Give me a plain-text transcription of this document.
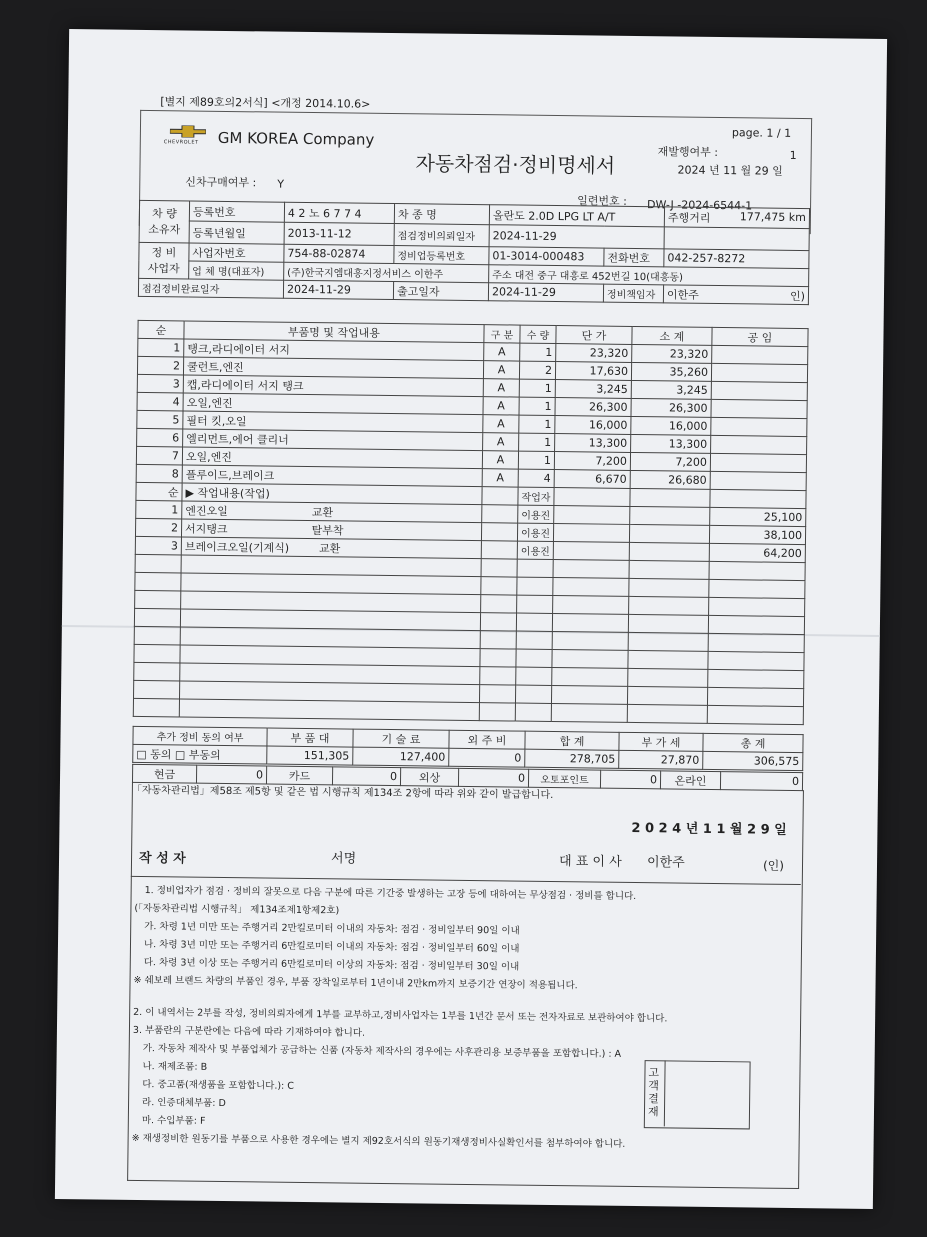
[별지 제89호의2서식] <개정 2014.10.6>
page. 1 / 1
CHEVROLET GM KOREA Company
자동차점검·정비명세서	재발행여부 :	1
2024 년 11 월 29 일
신차구매여부 : Y
일련번호 : DW-J -2024-6544-1
차 량
소유자	등록번호	4 2 노 6 7 7 4	차 종 명	올란도 2.0D LPG LT A/T		주행거리 177,475 km

	등록년월일	2013-11-12	점검정비의뢰일자	2024-11-29		
정 비
사업자	사업자번호	754-88-02874	정비업등록번호	01-3014-000483	전화번호	042-257-8272
	업 체 명(대표자)	(주)한국지엠대흥지정서비스 이한주		주소 대전 중구 대흥로 452번길 10(대흥동)		
점검정비완료일자		2024-11-29	출고일자	2024-11-29	정비책임자	이한주 인)
순	부품명 및 작업내용	구 분	수 량	단 가	소 계	공 임
1	탱크,라디에이터 서지	A	1	23,320	23,320	
2	쿨런트,엔진	A	2	17,630	35,260	
3	캡,라디에이터 서지 탱크	A	1	3,245	3,245	
4	오일,엔진	A	1	26,300	26,300	
5	필터 킷,오일	A	1	16,000	16,000	
6	엘리먼트,에어 클리너	A	1	13,300	13,300	
7	오일,엔진	A	1	7,200	7,200	
8	플루이드,브레이크	A	4	6,670	26,680	
순	▶ 작업내용(작업)		작업자			
1	엔진오일 교환		이용진			25,100
2	서지탱크 탈부착		이용진			38,100
3	브레이크오일(기계식) 교환		이용진			64,200

추가 정비 동의 여부	부 품 대	기 술 료	외 주 비	합 계	부 가 세	총 계
□ 동의 □ 부동의	151,305	127,400	0	278,705	27,870	306,575
현금	0	카드	0	외상	0	오토포인트	0	온라인	0
「자동차관리법」제58조 제5항 및 같은 법 시행규칙 제134조 2항에 따라 위와 같이 발급합니다.
2 0 2 4 년 1 1 월 2 9 일
작 성 자	서명	대 표 이 사 이한주	(인)
1. 정비업자가 점검 · 정비의 잘못으로 다음 구분에 따른 기간중 발생하는 고장 등에 대하여는 무상점검 · 정비를 합니다.
(「자동차관리법 시행규칙」 제134조제1항제2호)
가. 차령 1년 미만 또는 주행거리 2만킬로미터 이내의 자동차: 점검 · 정비일부터 90일 이내
나. 차령 3년 미만 또는 주행거리 6만킬로미터 이내의 자동차: 점검 · 정비일부터 60일 이내
다. 차령 3년 이상 또는 주행거리 6만킬로미터 이상의 자동차: 점검 · 정비일부터 30일 이내
※ 쉐보레 브랜드 차량의 부품인 경우, 부품 장착일로부터 1년이내 2만km까지 보증기간 연장이 적용됩니다.
2. 이 내역서는 2부를 작성, 정비의뢰자에게 1부를 교부하고,정비사업자는 1부를 1년간 문서 또는 전자자료로 보관하여야 합니다.
3. 부품란의 구분란에는 다음에 따라 기재하여야 합니다.
가. 자동차 제작사 및 부품업체가 공급하는 신품 (자동차 제작사의 경우에는 사후관리용 보증부품을 포함합니다.) : A
나. 재제조품: B
다. 중고품(재생품을 포함합니다.): C
라. 인증대체부품: D
마. 수입부품: F
※ 재생정비한 원동기를 부품으로 사용한 경우에는 별지 제92호서식의 원동기재생정비사실확인서를 첨부하여야 합니다.
고객결재
